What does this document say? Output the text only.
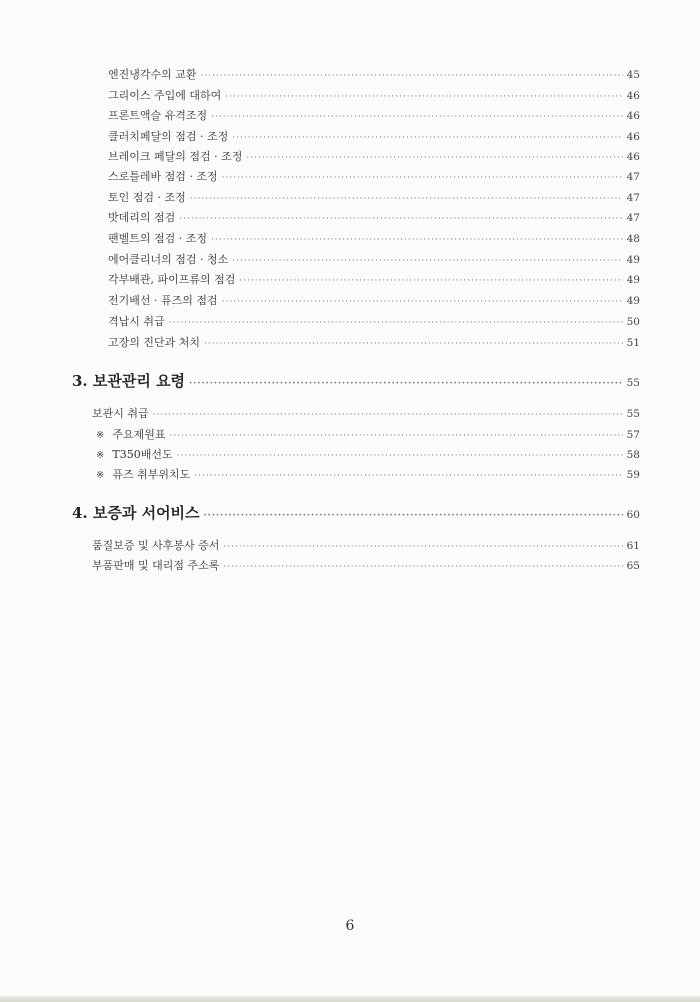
엔진냉각수의 교환 ·····	45
그리이스 주입에 대하여 ·····	46
프론트액슬 유격조정 ·····	46
클러치페달의 점검 · 조정 ·····	46
브레이크 페달의 점검 · 조정 ·····	46
스로틀레바 점검 · 조정 ·····	47
토인 점검 · 조정 ·····	47
밧데리의 점검 ·····	47
팬벨트의 점검 · 조정 ·····	48
에어클리너의 점검 · 청소 ·····	49
각부배관, 파이프류의 점검 ·····	49
전기배선 · 퓨즈의 점검 ·····	49
격납시 취급 ·····	50
고장의 진단과 처치 ·····	51
3. 보관관리 요령 ·····	55
보관시 취급 ·····	55
※ 주요제원표 ·····	57
※ T350배선도 ·····	58
※ 퓨즈 취부위치도 ·····	59
4. 보증과 서어비스 ·····	60
품질보증 및 사후봉사 증서 ·····	61
부품판매 및 대리점 주소록 ·····	65
6
